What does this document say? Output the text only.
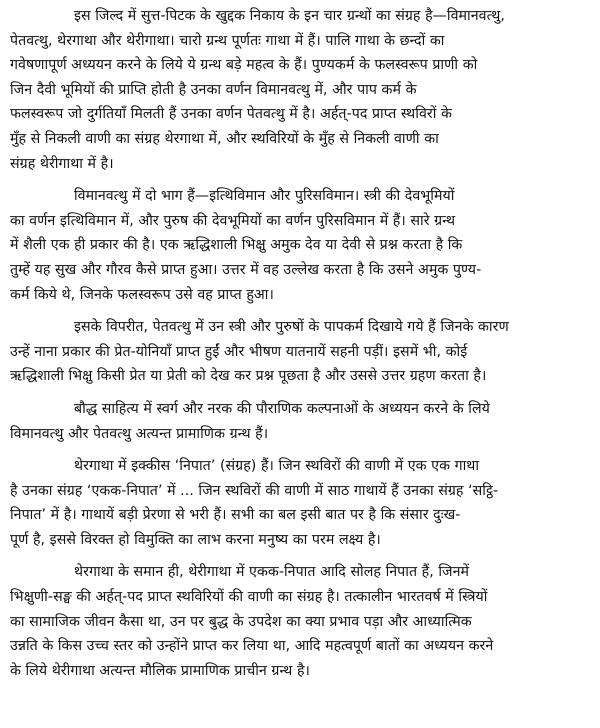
इस जिल्द में सुत्त-पिटक के खुद्दक निकाय के इन चार ग्रन्थों का संग्रह है—विमानवत्थु,
पेतवत्थु, थेरगाथा और थेरीगाथा। चारो ग्रन्थ पूर्णतः गाथा में हैं। पालि गाथा के छन्दों का
गवेषणापूर्ण अध्ययन करने के लिये ये ग्रन्थ बड़े महत्व के हैं। पुण्यकर्म के फलस्वरूप प्राणी को
जिन दैवी भूमियों की प्राप्ति होती है उनका वर्णन विमानवत्थु में, और पाप कर्म के
फलस्वरूप जो दुर्गतियाँ मिलती हैं उनका वर्णन पेतवत्थु में है। अर्हत्-पद प्राप्त स्थविरों के
मुँह से निकली वाणी का संग्रह थेरगाथा में, और स्थविरियों के मुँह से निकली वाणी का
संग्रह थेरीगाथा में है।
विमानवत्थु में दो भाग हैं—इत्थिविमान और पुरिसविमान। स्त्री की देवभूमियों
का वर्णन इत्थिविमान में, और पुरुष की देवभूमियों का वर्णन पुरिसविमान में हैं। सारे ग्रन्थ
में शैली एक ही प्रकार की है। एक ऋद्धिशाली भिक्षु अमुक देव या देवी से प्रश्न करता है कि
तुम्हें यह सुख और गौरव कैसे प्राप्त हुआ। उत्तर में वह उल्लेख करता है कि उसने अमुक पुण्य-
कर्म किये थे, जिनके फलस्वरूप उसे वह प्राप्त हुआ।
इसके विपरीत, पेतवत्थु में उन स्त्री और पुरुषों के पापकर्म दिखाये गये हैं जिनके कारण
उन्हें नाना प्रकार की प्रेत-योनियाँ प्राप्त हुईं और भीषण यातनायें सहनी पड़ीं। इसमें भी, कोई
ऋद्धिशाली भिक्षु किसी प्रेत या प्रेती को देख कर प्रश्न पूछता है और उससे उत्तर ग्रहण करता है।
बौद्ध साहित्य में स्वर्ग और नरक की पौराणिक कल्पनाओं के अध्ययन करने के लिये
विमानवत्थु और पेतवत्थु अत्यन्त प्रामाणिक ग्रन्थ हैं।
थेरगाथा में इक्कीस ‘निपात’ (संग्रह) हैं। जिन स्थविरों की वाणी में एक एक गाथा
है उनका संग्रह ‘एकक-निपात’ में ... जिन स्थविरों की वाणी में साठ गाथायें हैं उनका संग्रह ‘सट्ठि-
निपात’ में है। गाथायें बड़ी प्रेरणा से भरी हैं। सभी का बल इसी बात पर है कि संसार दुःख-
पूर्ण है, इससे विरक्त हो विमुक्ति का लाभ करना मनुष्य का परम लक्ष्य है।
थेरगाथा के समान ही, थेरीगाथा में एकक-निपात आदि सोलह निपात हैं, जिनमें
भिक्षुणी-सङ्घ की अर्हत्-पद प्राप्त स्थविरियों की वाणी का संग्रह है। तत्कालीन भारतवर्ष में स्त्रियों
का सामाजिक जीवन कैसा था, उन पर बुद्ध के उपदेश का क्या प्रभाव पड़ा और आध्यात्मिक
उन्नति के किस उच्च स्तर को उन्होंने प्राप्त कर लिया था, आदि महत्वपूर्ण बातों का अध्ययन करने
के लिये थेरीगाथा अत्यन्त मौलिक प्रामाणिक प्राचीन ग्रन्थ है।
